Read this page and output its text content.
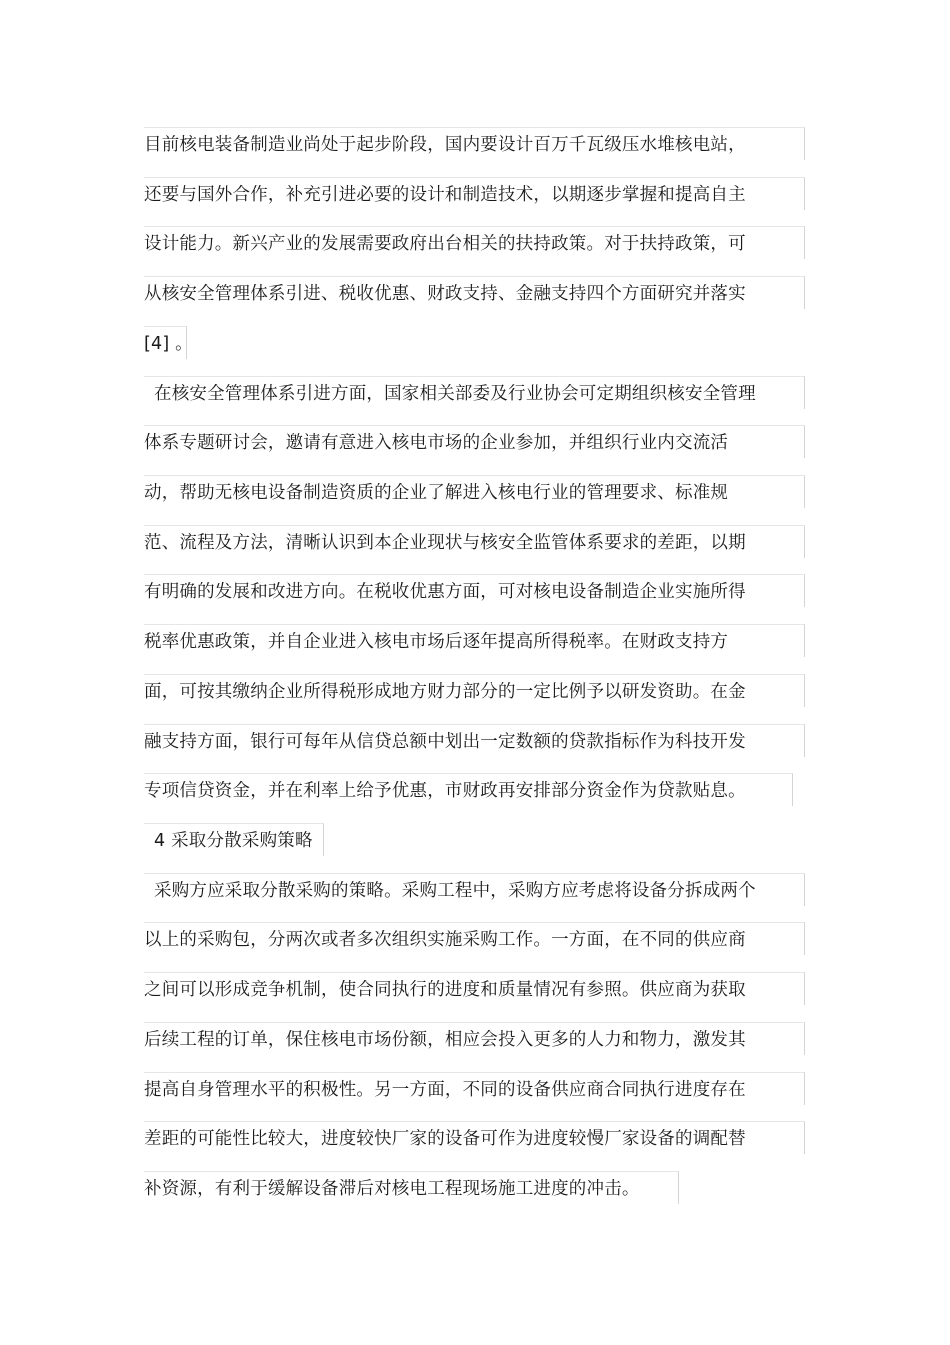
目前核电装备制造业尚处于起步阶段，国内要设计百万千瓦级压水堆核电站，
还要与国外合作，补充引进必要的设计和制造技术，以期逐步掌握和提高自主
设计能力。新兴产业的发展需要政府出台相关的扶持政策。对于扶持政策，可
从核安全管理体系引进、税收优惠、财政支持、金融支持四个方面研究并落实
[4] 。
在核安全管理体系引进方面，国家相关部委及行业协会可定期组织核安全管理
体系专题研讨会，邀请有意进入核电市场的企业参加，并组织行业内交流活
动，帮助无核电设备制造资质的企业了解进入核电行业的管理要求、标准规
范、流程及方法，清晰认识到本企业现状与核安全监管体系要求的差距，以期
有明确的发展和改进方向。在税收优惠方面，可对核电设备制造企业实施所得
税率优惠政策，并自企业进入核电市场后逐年提高所得税率。在财政支持方
面，可按其缴纳企业所得税形成地方财力部分的一定比例予以研发资助。在金
融支持方面，银行可每年从信贷总额中划出一定数额的贷款指标作为科技开发
专项信贷资金，并在利率上给予优惠，市财政再安排部分资金作为贷款贴息。
4 采取分散采购策略
采购方应采取分散采购的策略。采购工程中，采购方应考虑将设备分拆成两个
以上的采购包，分两次或者多次组织实施采购工作。一方面，在不同的供应商
之间可以形成竞争机制，使合同执行的进度和质量情况有参照。供应商为获取
后续工程的订单，保住核电市场份额，相应会投入更多的人力和物力，激发其
提高自身管理水平的积极性。另一方面，不同的设备供应商合同执行进度存在
差距的可能性比较大，进度较快厂家的设备可作为进度较慢厂家设备的调配替
补资源，有利于缓解设备滞后对核电工程现场施工进度的冲击。
